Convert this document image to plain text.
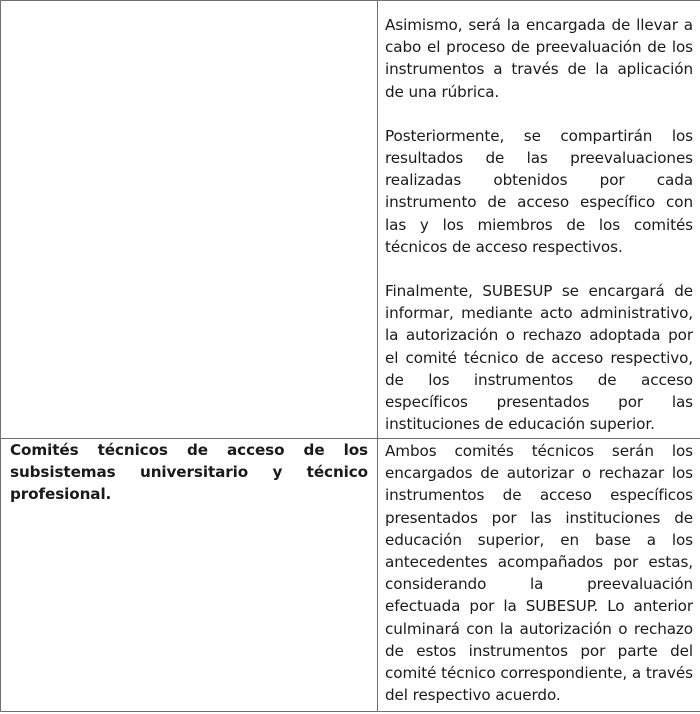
	Asimismo, será la encargada de llevar a cabo el proceso de preevaluación de los instrumentos a través de la aplicación de una rúbrica.

Posteriormente, se compartirán los resultados de las preevaluaciones realizadas obtenidos por cada instrumento de acceso específico con las y los miembros de los comités técnicos de acceso respectivos.

Finalmente, SUBESUP se encargará de informar, mediante acto administrativo, la autorización o rechazo adoptada por el comité técnico de acceso respectivo, de los instrumentos de acceso específicos presentados por las instituciones de educación superior.

Comités técnicos de acceso de los subsistemas universitario y técnico profesional.	Ambos comités técnicos serán los encargados de autorizar o rechazar los instrumentos de acceso específicos presentados por las instituciones de educación superior, en base a los antecedentes acompañados por estas, considerando la preevaluación efectuada por la SUBESUP. Lo anterior culminará con la autorización o rechazo de estos instrumentos por parte del comité técnico correspondiente, a través del respectivo acuerdo.
